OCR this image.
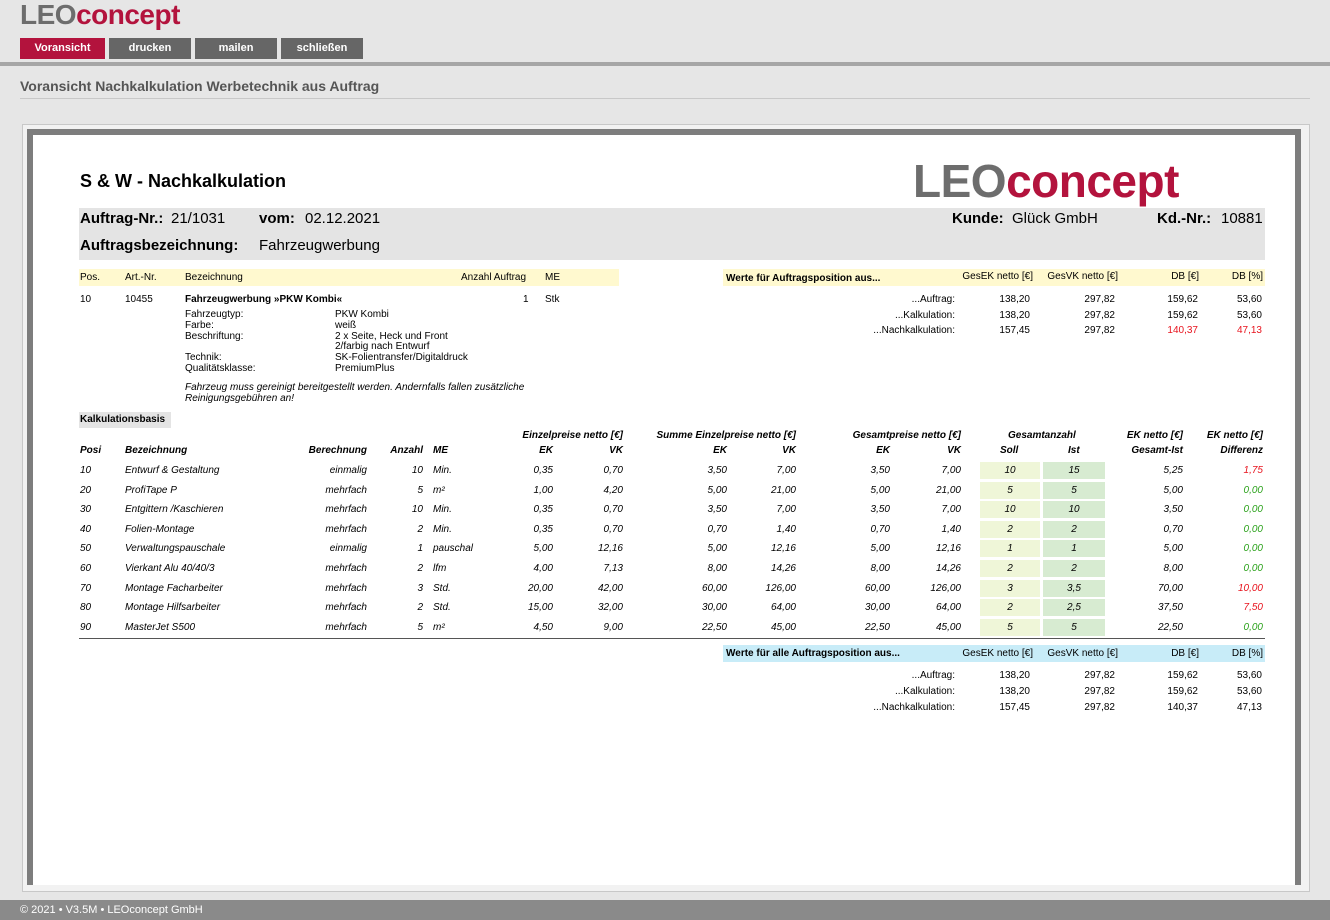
LEOconcept
Voransicht	drucken	mailen	schließen
Voransicht Nachkalkulation Werbetechnik aus Auftrag
S & W - Nachkalkulation	LEOconcept
Auftrag-Nr.: 21/1031 vom: 02.12.2021	Kunde: Glück GmbH	Kd.-Nr.: 10881
Auftragsbezeichnung: Fahrzeugwerbung
Pos. Art.-Nr.	Bezeichnung	Anzahl Auftrag ME
10	10455	Fahrzeugwerbung »PKW Kombi«	1 Stk
Fahrzeugtyp:	PKW Kombi
Farbe:	weiß
Beschriftung:	2 x Seite, Heck und Front
2/farbig nach Entwurf
Technik:	SK-Folientransfer/Digitaldruck
Qualitätsklasse:	PremiumPlus
Fahrzeug muss gereinigt bereitgestellt werden. Andernfalls fallen zusätzliche
Reinigungsgebühren an!
Werte für Auftragsposition aus...	GesEK netto [€]	GesVK netto [€]	DB [€]	DB [%]
...Auftrag:	138,20	297,82	159,62	53,60
...Kalkulation:	138,20	297,82	159,62	53,60
...Nachkalkulation:	157,45	297,82	140,37	47,13
Kalkulationsbasis
Einzelpreise netto [€]	Summe Einzelpreise netto [€]	Gesamtpreise netto [€]	Gesamtanzahl	EK netto [€]	EK netto [€]
Posi Bezeichnung	Berechnung	Anzahl ME	EK	VK	EK	VK	EK	VK	Soll	Ist	Gesamt-Ist	Differenz
10	Entwurf & Gestaltung	einmalig	10 Min.	0,35	0,70	3,50	7,00	3,50	7,00	10	15	5,25	1,75
20	ProfiTape P	mehrfach	5 m²	1,00	4,20	5,00	21,00	5,00	21,00	5	5	5,00	0,00
30	Entgittern /Kaschieren	mehrfach	10 Min.	0,35	0,70	3,50	7,00	3,50	7,00	10	10	3,50	0,00
40	Folien-Montage	mehrfach	2 Min.	0,35	0,70	0,70	1,40	0,70	1,40	2	2	0,70	0,00
50	Verwaltungspauschale	einmalig	1 pauschal	5,00	12,16	5,00	12,16	5,00	12,16	1	1	5,00	0,00
60	Vierkant Alu 40/40/3	mehrfach	2 lfm	4,00	7,13	8,00	14,26	8,00	14,26	2	2	8,00	0,00
70	Montage Facharbeiter	mehrfach	3 Std.	20,00	42,00	60,00	126,00	60,00	126,00	3	3,5	70,00	10,00
80	Montage Hilfsarbeiter	mehrfach	2 Std.	15,00	32,00	30,00	64,00	30,00	64,00	2	2,5	37,50	7,50
90	MasterJet S500	mehrfach	5 m²	4,50	9,00	22,50	45,00	22,50	45,00	5	5	22,50	0,00
Werte für alle Auftragsposition aus...	GesEK netto [€]	GesVK netto [€]	DB [€]	DB [%]
...Auftrag:	138,20	297,82	159,62	53,60
...Kalkulation:	138,20	297,82	159,62	53,60
...Nachkalkulation:	157,45	297,82	140,37	47,13
© 2021 • V3.5M • LEOconcept GmbH
